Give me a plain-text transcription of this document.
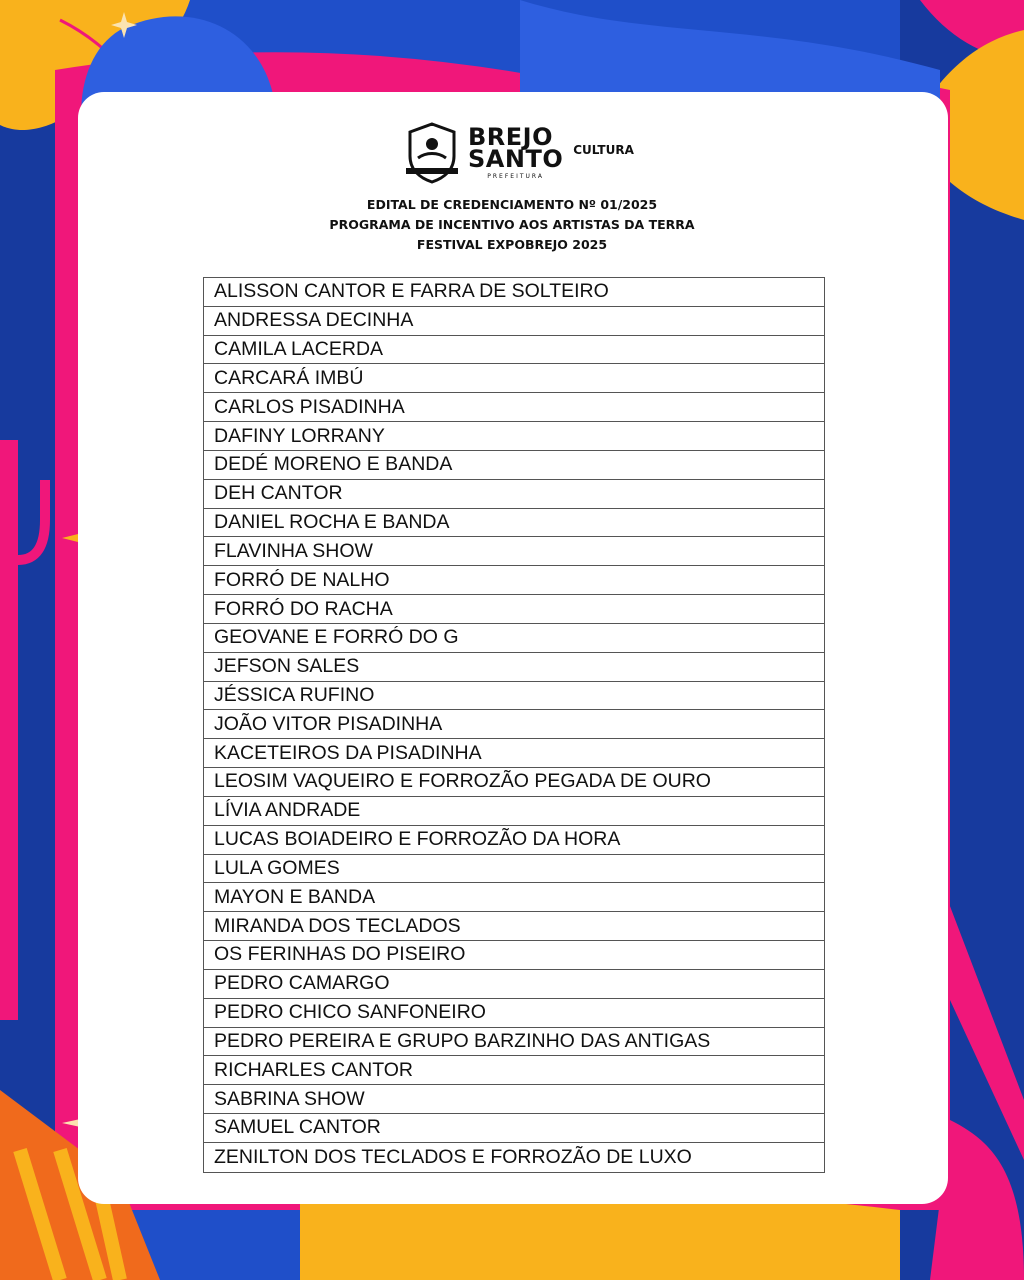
BREJO
SANTO
PREFEITURA
CULTURA
EDITAL DE CREDENCIAMENTO Nº 01/2025
PROGRAMA DE INCENTIVO AOS ARTISTAS DA TERRA
FESTIVAL EXPOBREJO 2025
ALISSON CANTOR E FARRA DE SOLTEIRO
ANDRESSA DECINHA
CAMILA LACERDA
CARCARÁ IMBÚ
CARLOS PISADINHA
DAFINY LORRANY
DEDÉ MORENO E BANDA
DEH CANTOR
DANIEL ROCHA E BANDA
FLAVINHA SHOW
FORRÓ DE NALHO
FORRÓ DO RACHA
GEOVANE E FORRÓ DO G
JEFSON SALES
JÉSSICA RUFINO
JOÃO VITOR PISADINHA
KACETEIROS DA PISADINHA
LEOSIM VAQUEIRO E FORROZÃO PEGADA DE OURO
LÍVIA ANDRADE
LUCAS BOIADEIRO E FORROZÃO DA HORA
LULA GOMES
MAYON E BANDA
MIRANDA DOS TECLADOS
OS FERINHAS DO PISEIRO
PEDRO CAMARGO
PEDRO CHICO SANFONEIRO
PEDRO PEREIRA E GRUPO BARZINHO DAS ANTIGAS
RICHARLES CANTOR
SABRINA SHOW
SAMUEL CANTOR
ZENILTON DOS TECLADOS E FORROZÃO DE LUXO
